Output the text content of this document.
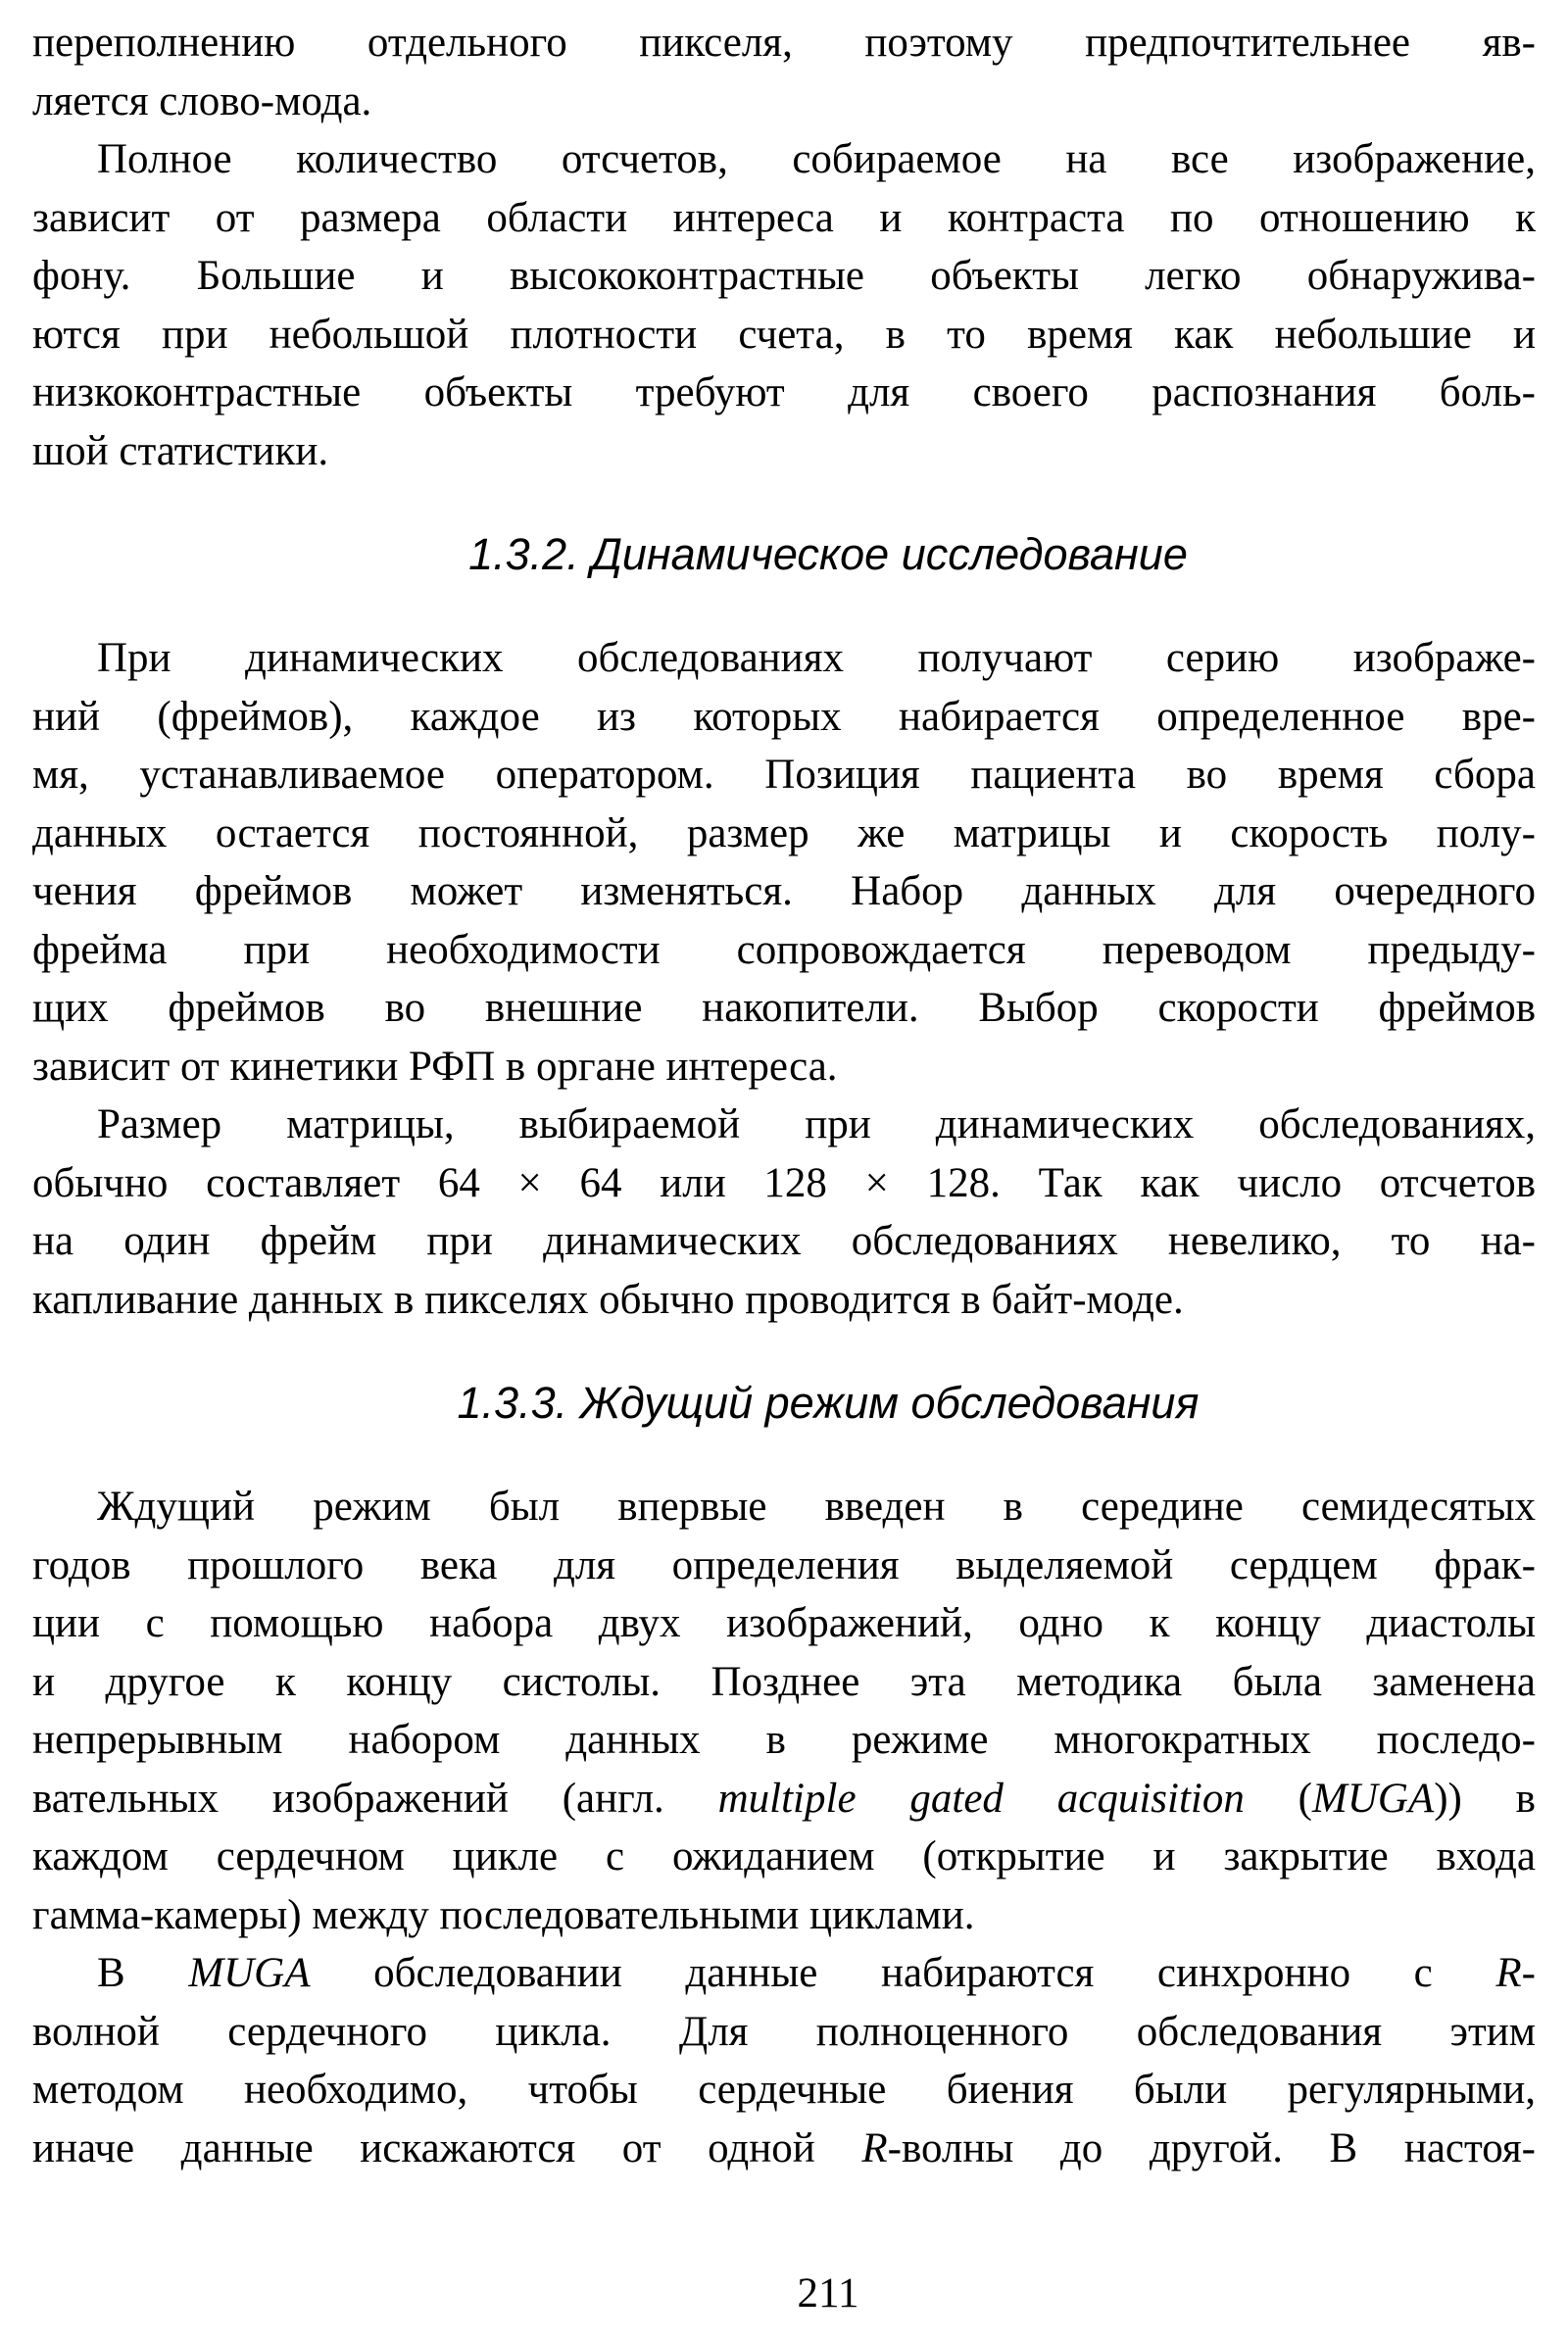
переполнению отдельного пикселя, поэтому предпочтительнее яв-
ляется слово-мода.

Полное количество отсчетов, собираемое на все изображение,
зависит от размера области интереса и контраста по отношению к
фону. Большие и высококонтрастные объекты легко обнаружива-
ются при небольшой плотности счета, в то время как небольшие и
низкоконтрастные объекты требуют для своего распознания боль-
шой статистики.

1.3.2. Динамическое исследование

При динамических обследованиях получают серию изображе-
ний (фреймов), каждое из которых набирается определенное вре-
мя, устанавливаемое оператором. Позиция пациента во время сбора
данных остается постоянной, размер же матрицы и скорость полу-
чения фреймов может изменяться. Набор данных для очередного
фрейма при необходимости сопровождается переводом предыду-
щих фреймов во внешние накопители. Выбор скорости фреймов
зависит от кинетики РФП в органе интереса.

Размер матрицы, выбираемой при динамических обследованиях,
обычно составляет 64 × 64 или 128 × 128. Так как число отсчетов
на один фрейм при динамических обследованиях невелико, то на-
капливание данных в пикселях обычно проводится в байт-моде.

1.3.3. Ждущий режим обследования

Ждущий режим был впервые введен в середине семидесятых
годов прошлого века для определения выделяемой сердцем фрак-
ции с помощью набора двух изображений, одно к концу диастолы
и другое к концу систолы. Позднее эта методика была заменена
непрерывным набором данных в режиме многократных последо-
вательных изображений (англ. multiple gated acquisition (MUGA)) в
каждом сердечном цикле с ожиданием (открытие и закрытие входа
гамма-камеры) между последовательными циклами.

В MUGA обследовании данные набираются синхронно с R-
волной сердечного цикла. Для полноценного обследования этим
методом необходимо, чтобы сердечные биения были регулярными,
иначе данные искажаются от одной R-волны до другой. В настоя-

211
